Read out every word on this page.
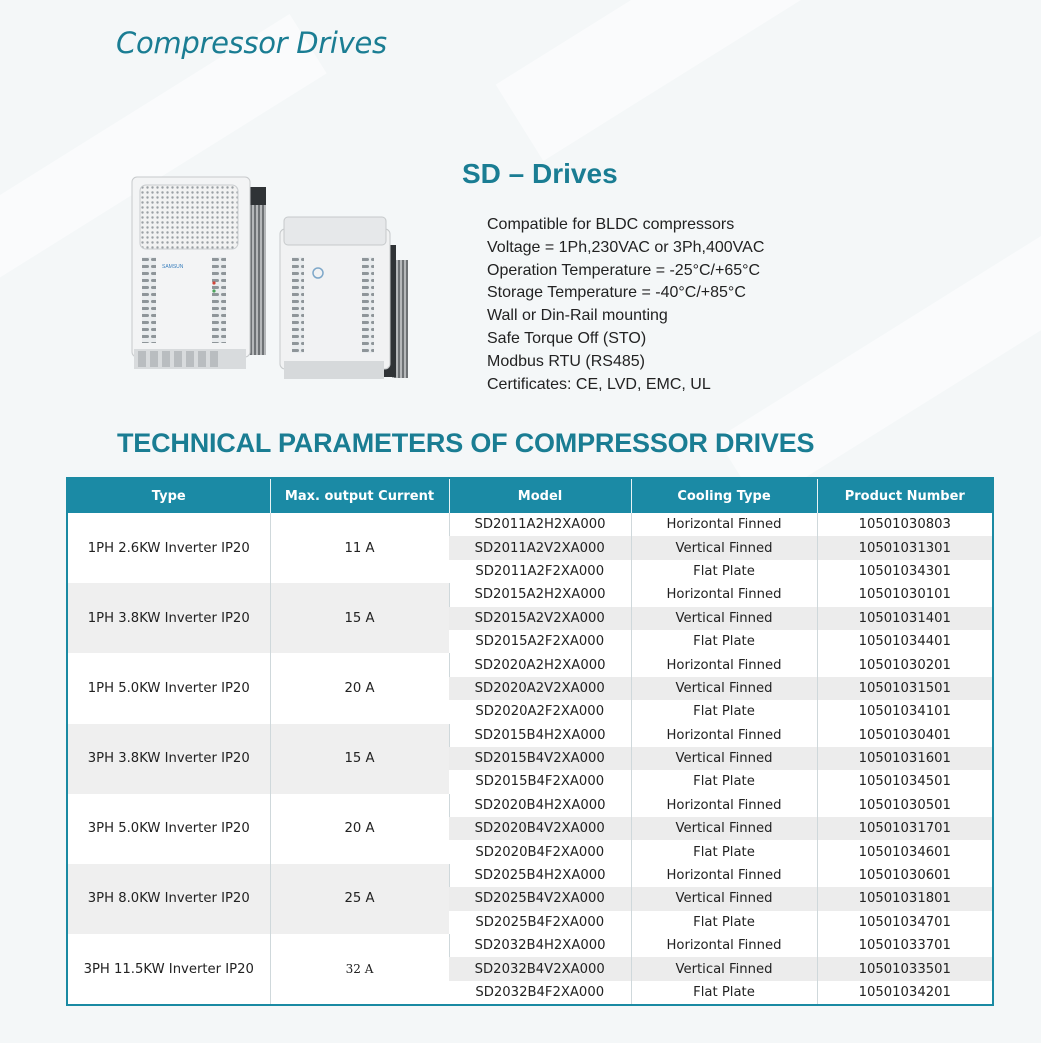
Compressor Drives
SAMSUN
SD – Drives
Compatible for BLDC compressors
Voltage = 1Ph,230VAC or 3Ph,400VAC
Operation Temperature = -25°C/+65°C
Storage Temperature = -40°C/+85°C
Wall or Din-Rail mounting
Safe Torque Off (STO)
Modbus RTU (RS485)
Certificates: CE, LVD, EMC, UL
TECHNICAL PARAMETERS OF COMPRESSOR DRIVES
Type	Max. output Current	Model	Cooling Type	Product Number
1PH 2.6KW Inverter IP20	11 A	SD2011A2H2XA000	Horizontal Finned	10501030803
		SD2011A2V2XA000	Vertical Finned	10501031301
		SD2011A2F2XA000	Flat Plate	10501034301
1PH 3.8KW Inverter IP20	15 A	SD2015A2H2XA000	Horizontal Finned	10501030101
		SD2015A2V2XA000	Vertical Finned	10501031401
		SD2015A2F2XA000	Flat Plate	10501034401
1PH 5.0KW Inverter IP20	20 A	SD2020A2H2XA000	Horizontal Finned	10501030201
		SD2020A2V2XA000	Vertical Finned	10501031501
		SD2020A2F2XA000	Flat Plate	10501034101
3PH 3.8KW Inverter IP20	15 A	SD2015B4H2XA000	Horizontal Finned	10501030401
		SD2015B4V2XA000	Vertical Finned	10501031601
		SD2015B4F2XA000	Flat Plate	10501034501
3PH 5.0KW Inverter IP20	20 A	SD2020B4H2XA000	Horizontal Finned	10501030501
		SD2020B4V2XA000	Vertical Finned	10501031701
		SD2020B4F2XA000	Flat Plate	10501034601
3PH 8.0KW Inverter IP20	25 A	SD2025B4H2XA000	Horizontal Finned	10501030601
		SD2025B4V2XA000	Vertical Finned	10501031801
		SD2025B4F2XA000	Flat Plate	10501034701
3PH 11.5KW Inverter IP20	32 A	SD2032B4H2XA000	Horizontal Finned	10501033701
		SD2032B4V2XA000	Vertical Finned	10501033501
		SD2032B4F2XA000	Flat Plate	10501034201
